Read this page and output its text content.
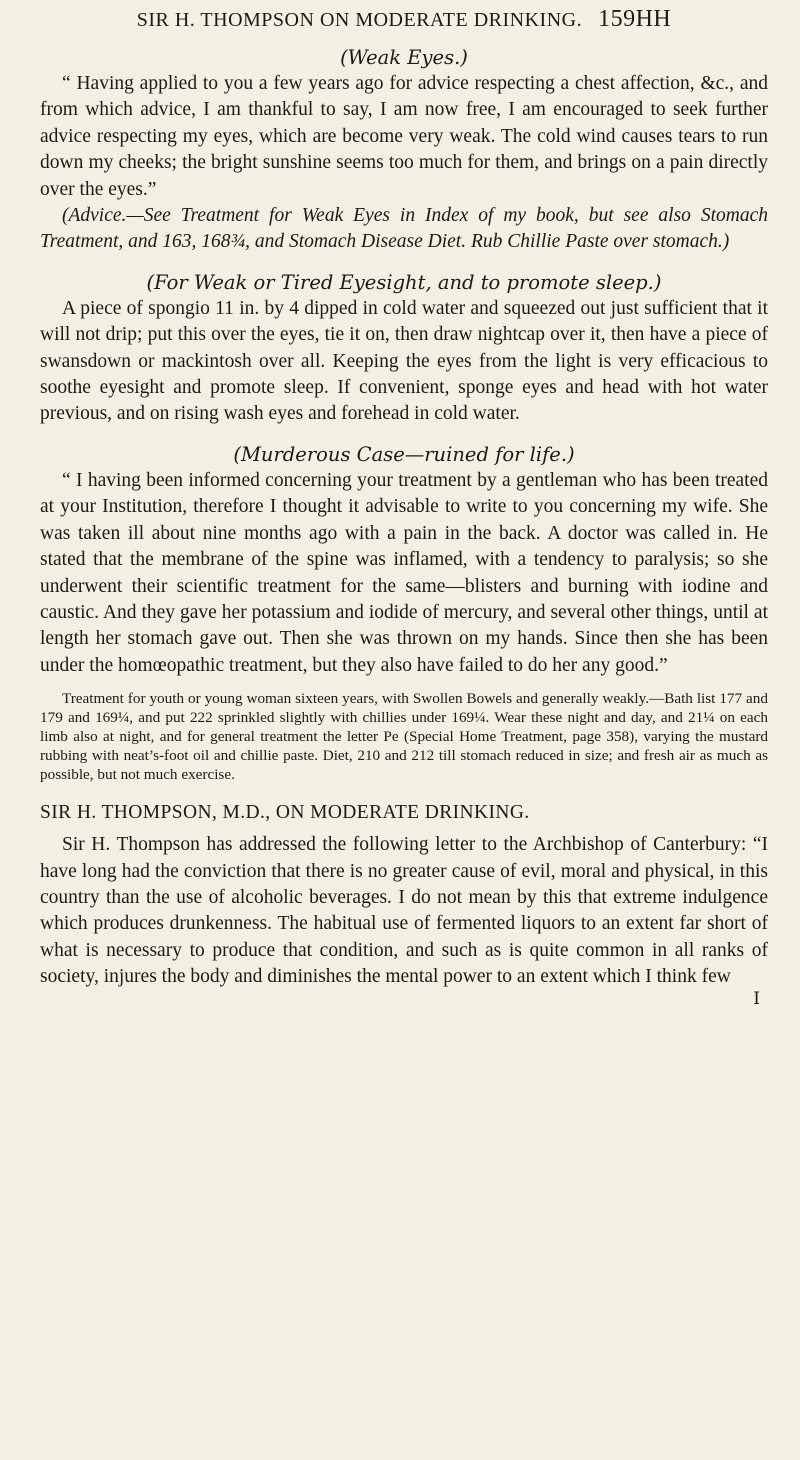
SIR H. THOMPSON ON MODERATE DRINKING. 159HH
(Weak Eyes.)

“ Having applied to you a few years ago for advice respecting a chest affection, &c., and from which advice, I am thankful to say, I am now free, I am encouraged to seek further advice respecting my eyes, which are become very weak. The cold wind causes tears to run down my cheeks; the bright sunshine seems too much for them, and brings on a pain directly over the eyes.”

(Advice.—See Treatment for Weak Eyes in Index of my book, but see also Stomach Treatment, and 163, 168¾, and Stomach Disease Diet. Rub Chillie Paste over stomach.)

(For Weak or Tired Eyesight, and to promote sleep.)

A piece of spongio 11 in. by 4 dipped in cold water and squeezed out just sufficient that it will not drip; put this over the eyes, tie it on, then draw nightcap over it, then have a piece of swansdown or mackintosh over all. Keeping the eyes from the light is very efficacious to soothe eyesight and promote sleep. If convenient, sponge eyes and head with hot water previous, and on rising wash eyes and forehead in cold water.

(Murderous Case—ruined for life.)

“ I having been informed concerning your treatment by a gentleman who has been treated at your Institution, therefore I thought it advisable to write to you concerning my wife. She was taken ill about nine months ago with a pain in the back. A doctor was called in. He stated that the membrane of the spine was inflamed, with a tendency to paralysis; so she underwent their scientific treatment for the same—blisters and burning with iodine and caustic. And they gave her potassium and iodide of mercury, and several other things, until at length her stomach gave out. Then she was thrown on my hands. Since then she has been under the homœopathic treatment, but they also have failed to do her any good.”

Treatment for youth or young woman sixteen years, with Swollen Bowels and generally weakly.—Bath list 177 and 179 and 169¼, and put 222 sprinkled slightly with chillies under 169¼. Wear these night and day, and 21¼ on each limb also at night, and for general treatment the letter Pe (Special Home Treatment, page 358), varying the mustard rubbing with neat’s-foot oil and chillie paste. Diet, 210 and 212 till stomach reduced in size; and fresh air as much as possible, but not much exercise.
SIR H. THOMPSON, M.D., ON MODERATE DRINKING.

Sir H. Thompson has addressed the following letter to the Archbishop of Canterbury: “I have long had the conviction that there is no greater cause of evil, moral and physical, in this country than the use of alcoholic beverages. I do not mean by this that extreme indulgence which produces drunkenness. The habitual use of fermented liquors to an extent far short of what is necessary to produce that condition, and such as is quite common in all ranks of society, injures the body and diminishes the mental power to an extent which I think few

I
